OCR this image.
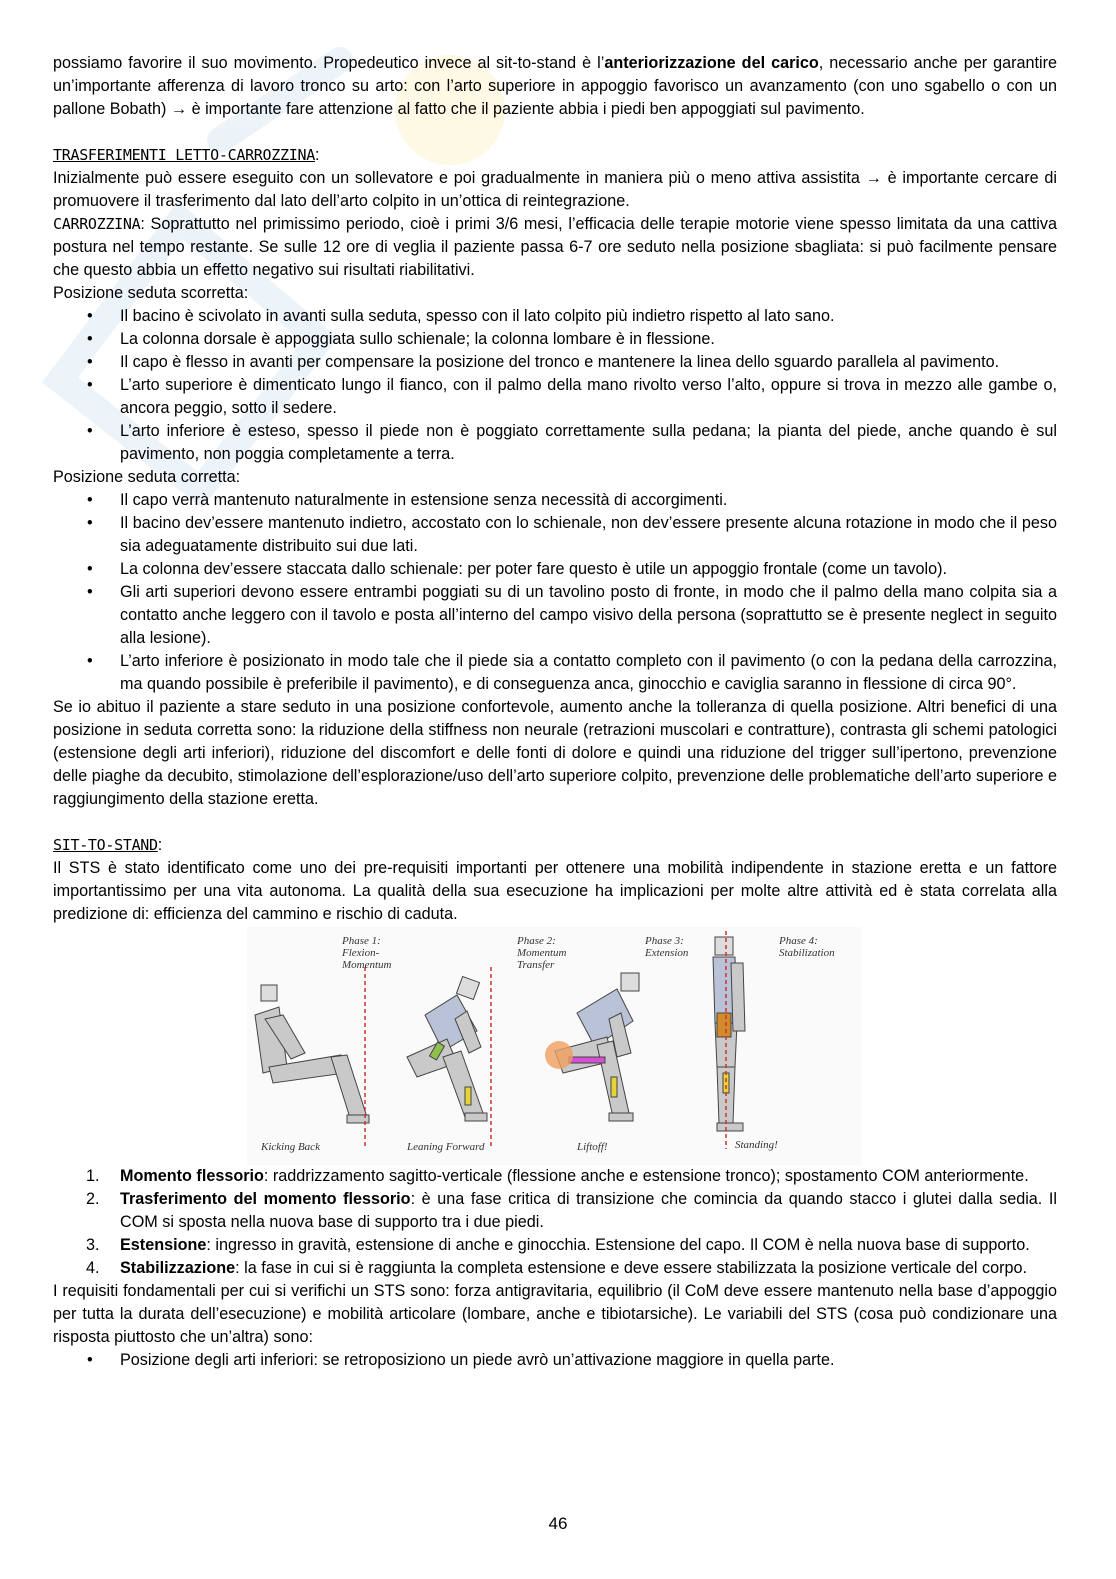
possiamo favorire il suo movimento. Propedeutico invece al sit-to-stand è l’anteriorizzazione del carico, necessario anche per garantire un’importante afferenza di lavoro tronco su arto: con l’arto superiore in appoggio favorisco un avanzamento (con uno sgabello o con un pallone Bobath) → è importante fare attenzione al fatto che il paziente abbia i piedi ben appoggiati sul pavimento.

TRASFERIMENTI LETTO-CARROZZINA:

Inizialmente può essere eseguito con un sollevatore e poi gradualmente in maniera più o meno attiva assistita → è importante cercare di promuovere il trasferimento dal lato dell’arto colpito in un’ottica di reintegrazione.

CARROZZINA: Soprattutto nel primissimo periodo, cioè i primi 3/6 mesi, l’efficacia delle terapie motorie viene spesso limitata da una cattiva postura nel tempo restante. Se sulle 12 ore di veglia il paziente passa 6-7 ore seduto nella posizione sbagliata: si può facilmente pensare che questo abbia un effetto negativo sui risultati riabilitativi.

Posizione seduta scorretta:

• Il bacino è scivolato in avanti sulla seduta, spesso con il lato colpito più indietro rispetto al lato sano.
• La colonna dorsale è appoggiata sullo schienale; la colonna lombare è in flessione.
• Il capo è flesso in avanti per compensare la posizione del tronco e mantenere la linea dello sguardo parallela al pavimento.
• L’arto superiore è dimenticato lungo il fianco, con il palmo della mano rivolto verso l’alto, oppure si trova in mezzo alle gambe o, ancora peggio, sotto il sedere.
• L’arto inferiore è esteso, spesso il piede non è poggiato correttamente sulla pedana; la pianta del piede, anche quando è sul pavimento, non poggia completamente a terra.

Posizione seduta corretta:

• Il capo verrà mantenuto naturalmente in estensione senza necessità di accorgimenti.
• Il bacino dev’essere mantenuto indietro, accostato con lo schienale, non dev’essere presente alcuna rotazione in modo che il peso sia adeguatamente distribuito sui due lati.
• La colonna dev’essere staccata dallo schienale: per poter fare questo è utile un appoggio frontale (come un tavolo).
• Gli arti superiori devono essere entrambi poggiati su di un tavolino posto di fronte, in modo che il palmo della mano colpita sia a contatto anche leggero con il tavolo e posta all’interno del campo visivo della persona (soprattutto se è presente neglect in seguito alla lesione).
• L’arto inferiore è posizionato in modo tale che il piede sia a contatto completo con il pavimento (o con la pedana della carrozzina, ma quando possibile è preferibile il pavimento), e di conseguenza anca, ginocchio e caviglia saranno in flessione di circa 90°.

Se io abituo il paziente a stare seduto in una posizione confortevole, aumento anche la tolleranza di quella posizione. Altri benefici di una posizione in seduta corretta sono: la riduzione della stiffness non neurale (retrazioni muscolari e contratture), contrasta gli schemi patologici (estensione degli arti inferiori), riduzione del discomfort e delle fonti di dolore e quindi una riduzione del trigger sull’ipertono, prevenzione delle piaghe da decubito, stimolazione dell’esplorazione/uso dell’arto superiore colpito, prevenzione delle problematiche dell’arto superiore e raggiungimento della stazione eretta.

SIT-TO-STAND:

Il STS è stato identificato come uno dei pre-requisiti importanti per ottenere una mobilità indipendente in stazione eretta e un fattore importantissimo per una vita autonoma. La qualità della sua esecuzione ha implicazioni per molte altre attività ed è stata correlata alla predizione di: efficienza del cammino e rischio di caduta.

Phase 1:
Flexion-
Momentum
Phase 2:
Momentum
Transfer
Phase 3:
Extension
Phase 4:
Stabilization
Kicking Back	Leaning Forward	Liftoff!	Standing!
1. Momento flessorio: raddrizzamento sagitto-verticale (flessione anche e estensione tronco); spostamento COM anteriormente.
2. Trasferimento del momento flessorio: è una fase critica di transizione che comincia da quando stacco i glutei dalla sedia. Il COM si sposta nella nuova base di supporto tra i due piedi.
3. Estensione: ingresso in gravità, estensione di anche e ginocchia. Estensione del capo. Il COM è nella nuova base di supporto.
4. Stabilizzazione: la fase in cui si è raggiunta la completa estensione e deve essere stabilizzata la posizione verticale del corpo.

I requisiti fondamentali per cui si verifichi un STS sono: forza antigravitaria, equilibrio (il CoM deve essere mantenuto nella base d’appoggio per tutta la durata dell’esecuzione) e mobilità articolare (lombare, anche e tibiotarsiche). Le variabili del STS (cosa può condizionare una risposta piuttosto che un’altra) sono:

• Posizione degli arti inferiori: se retroposiziono un piede avrò un’attivazione maggiore in quella parte.
46
